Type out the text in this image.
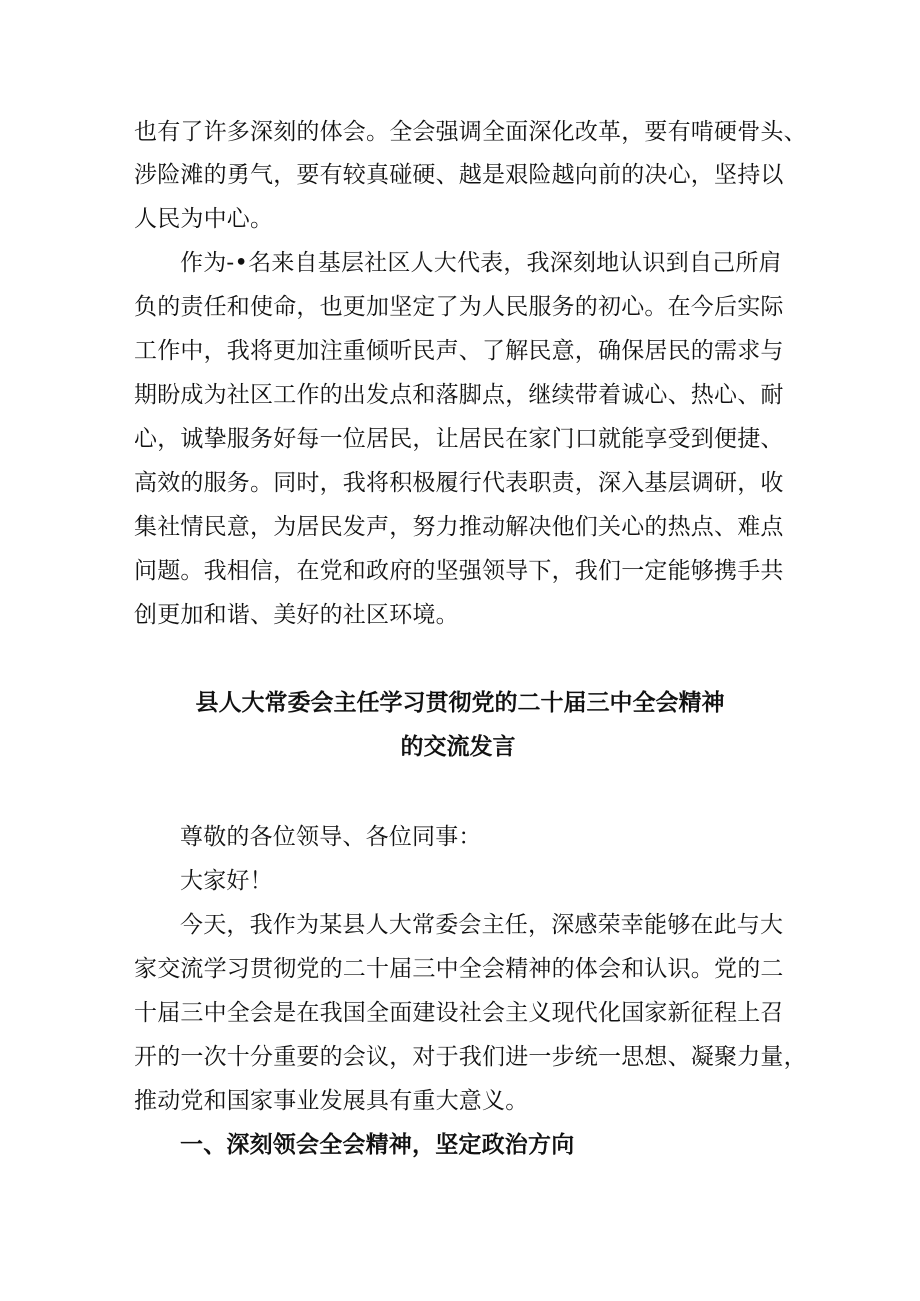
也有了许多深刻的体会。全会强调全面深化改革，要有啃硬骨头、
涉险滩的勇气，要有较真碰硬、越是艰险越向前的决心，坚持以
人民为中心。
作为-•名来自基层社区人大代表，我深刻地认识到自己所肩
负的责任和使命，也更加坚定了为人民服务的初心。在今后实际
工作中，我将更加注重倾听民声、了解民意，确保居民的需求与
期盼成为社区工作的出发点和落脚点，继续带着诚心、热心、耐
心，诚挚服务好每一位居民，让居民在家门口就能享受到便捷、
高效的服务。同时，我将积极履行代表职责，深入基层调研，收
集社情民意，为居民发声，努力推动解决他们关心的热点、难点
问题。我相信，在党和政府的坚强领导下，我们一定能够携手共
创更加和谐、美好的社区环境。
县人大常委会主任学习贯彻党的二十届三中全会精神
的交流发言
尊敬的各位领导、各位同事：
大家好！
今天，我作为某县人大常委会主任，深感荣幸能够在此与大
家交流学习贯彻党的二十届三中全会精神的体会和认识。党的二
十届三中全会是在我国全面建设社会主义现代化国家新征程上召
开的一次十分重要的会议，对于我们进一步统一思想、凝聚力量，
推动党和国家事业发展具有重大意义。
一、深刻领会全会精神，坚定政治方向
